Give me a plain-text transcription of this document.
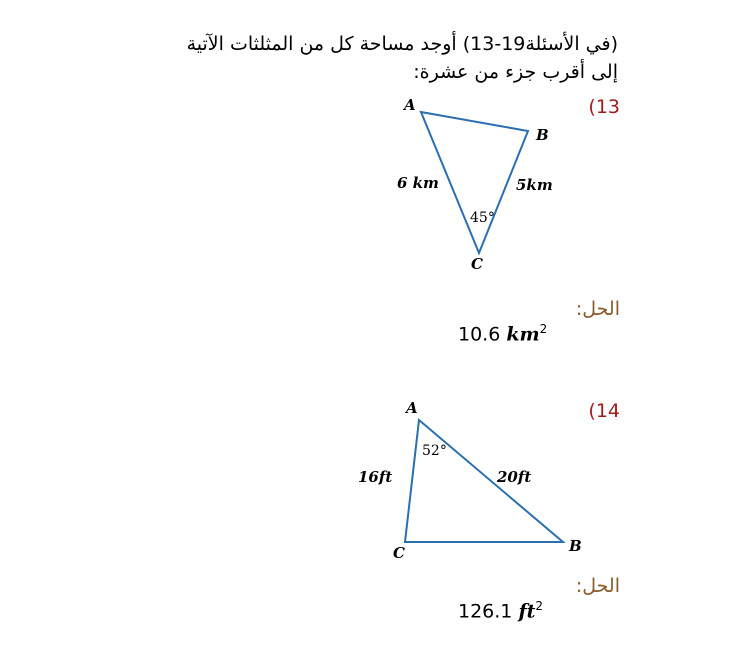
(في الأسئلة19-13) أوجد مساحة كل من المثلثات الآتية
إلى أقرب جزء من عشرة:
(13
A
B
C
6 km	5km
45°
A
B
C
16ft	20ft
52°
الحل:
10.6 $km^2$
(14
الحل:
126.1 $ft^2$
